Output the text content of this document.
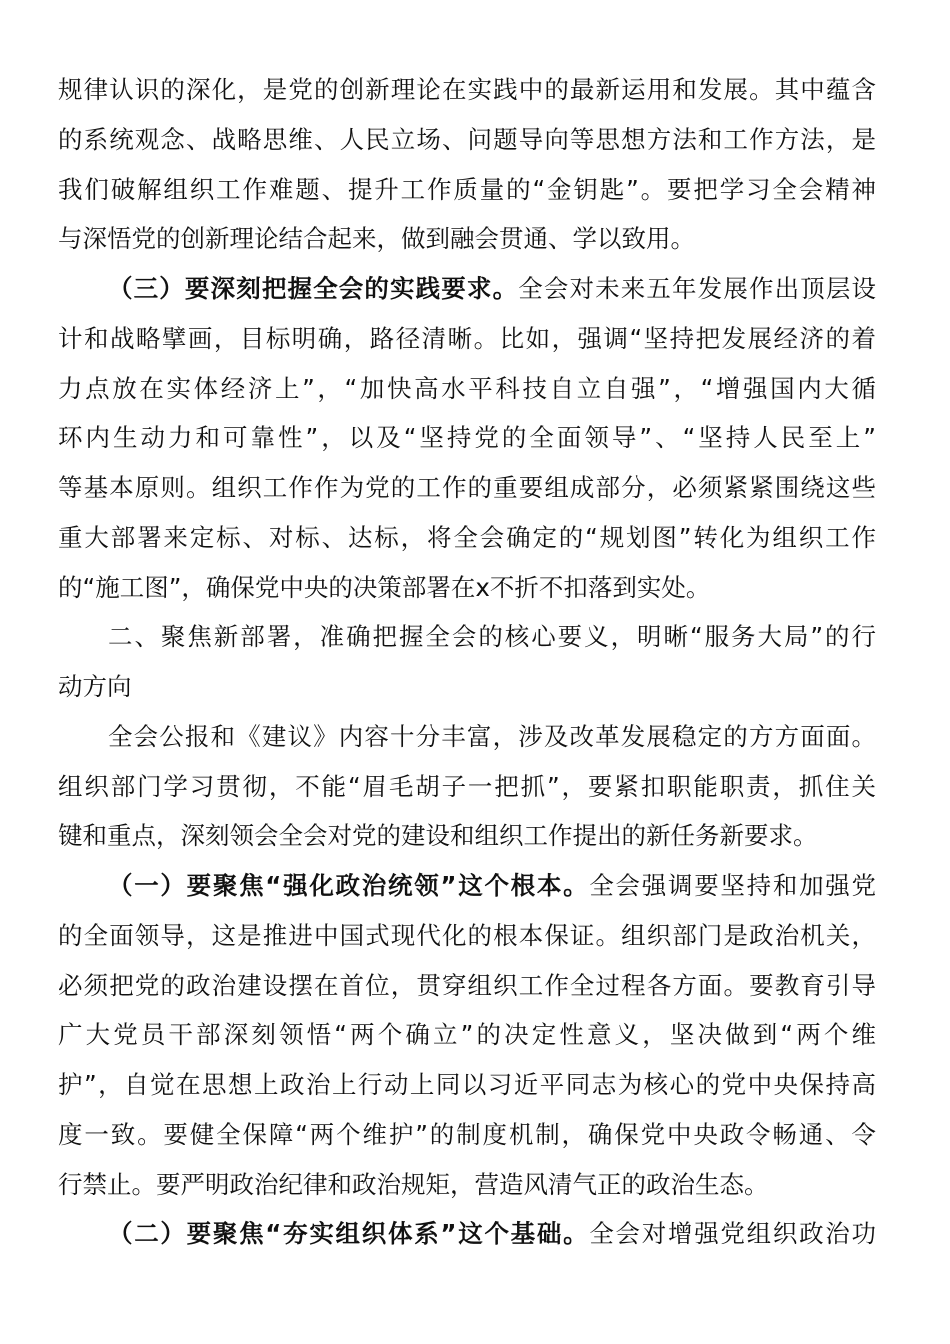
规律认识的深化，是党的创新理论在实践中的最新运用和发展。其中蕴含
的系统观念、战略思维、人民立场、问题导向等思想方法和工作方法，是
我们破解组织工作难题、提升工作质量的“金钥匙”。要把学习全会精神
与深悟党的创新理论结合起来，做到融会贯通、学以致用。
（三）要深刻把握全会的实践要求。全会对未来五年发展作出顶层设
计和战略擘画，目标明确，路径清晰。比如，强调“坚持把发展经济的着
力点放在实体经济上”，“加快高水平科技自立自强”，“增强国内大循
环内生动力和可靠性”，以及“坚持党的全面领导”、“坚持人民至上”
等基本原则。组织工作作为党的工作的重要组成部分，必须紧紧围绕这些
重大部署来定标、对标、达标，将全会确定的“规划图”转化为组织工作
的“施工图”，确保党中央的决策部署在x不折不扣落到实处。
二、聚焦新部署，准确把握全会的核心要义，明晰“服务大局”的行
动方向
全会公报和《建议》内容十分丰富，涉及改革发展稳定的方方面面。
组织部门学习贯彻，不能“眉毛胡子一把抓”，要紧扣职能职责，抓住关
键和重点，深刻领会全会对党的建设和组织工作提出的新任务新要求。
（一）要聚焦“强化政治统领”这个根本。全会强调要坚持和加强党
的全面领导，这是推进中国式现代化的根本保证。组织部门是政治机关，
必须把党的政治建设摆在首位，贯穿组织工作全过程各方面。要教育引导
广大党员干部深刻领悟“两个确立”的决定性意义，坚决做到“两个维
护”，自觉在思想上政治上行动上同以习近平同志为核心的党中央保持高
度一致。要健全保障“两个维护”的制度机制，确保党中央政令畅通、令
行禁止。要严明政治纪律和政治规矩，营造风清气正的政治生态。
（二）要聚焦“夯实组织体系”这个基础。全会对增强党组织政治功
